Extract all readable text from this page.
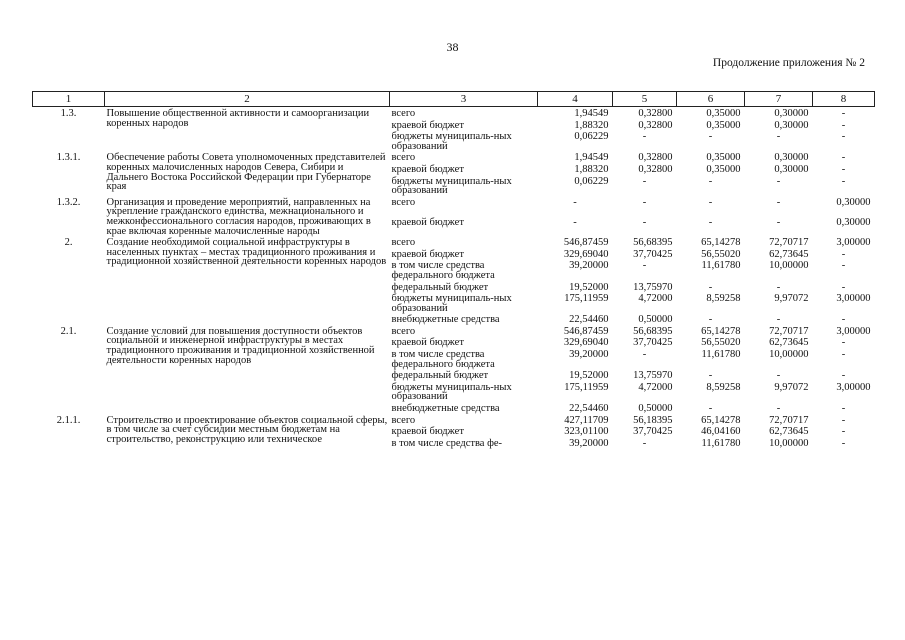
38
Продолжение приложения № 2
1	2	3	4	5	6	7	8
1.3.	Повышение общественной активности и самоорганизации коренных народов	всего	1,94549	0,32800	0,35000	0,30000	-
		краевой бюджет	1,88320	0,32800	0,35000	0,30000	-
		бюджеты муниципаль-ных образований	0,06229	-	-	-	-
1.3.1.	Обеспечение работы Совета уполномоченных представителей коренных малочисленных народов Севера, Сибири и Дальнего Востока Российской Федерации при Губернаторе края	всего	1,94549	0,32800	0,35000	0,30000	-
		краевой бюджет	1,88320	0,32800	0,35000	0,30000	-
		бюджеты муниципаль-ных образований	0,06229	-	-	-	-
1.3.2.	Организация и проведение мероприятий, направленных на укрепление гражданского единства, межнационального и межконфессионального согласия народов, проживающих в крае включая коренные малочисленные народы	всего	-	-	-	-	0,30000
		краевой бюджет	-	-	-	-	0,30000
2.	Создание необходимой социальной инфраструктуры в населенных пунктах – местах традиционного проживания и традиционной хозяйственной деятельности коренных народов	всего	546,87459	56,68395	65,14278	72,70717	3,00000
		краевой бюджет	329,69040	37,70425	56,55020	62,73645	-
		в том числе средства федерального бюджета	39,20000	-	11,61780	10,00000	-
		федеральный бюджет	19,52000	13,75970	-	-	-
		бюджеты муниципаль-ных образований	175,11959	4,72000	8,59258	9,97072	3,00000
		внебюджетные средства	22,54460	0,50000	-	-	-
2.1.	Создание условий для повышения доступности объектов социальной и инженерной инфраструктуры в местах традиционного проживания и традиционной хозяйственной деятельности коренных народов	всего	546,87459	56,68395	65,14278	72,70717	3,00000
		краевой бюджет	329,69040	37,70425	56,55020	62,73645	-
		в том числе средства федерального бюджета	39,20000	-	11,61780	10,00000	-
		федеральный бюджет	19,52000	13,75970	-	-	-
		бюджеты муниципаль-ных образований	175,11959	4,72000	8,59258	9,97072	3,00000
		внебюджетные средства	22,54460	0,50000	-	-	-
2.1.1.	Строительство и проектирование объектов социальной сферы, в том числе за счет субсидии местным бюджетам на строительство, реконструкцию или техническое	всего	427,11709	56,18395	65,14278	72,70717	-
		краевой бюджет	323,01100	37,70425	46,04160	62,73645	-
		в том числе средства фе-	39,20000	-	11,61780	10,00000	-
